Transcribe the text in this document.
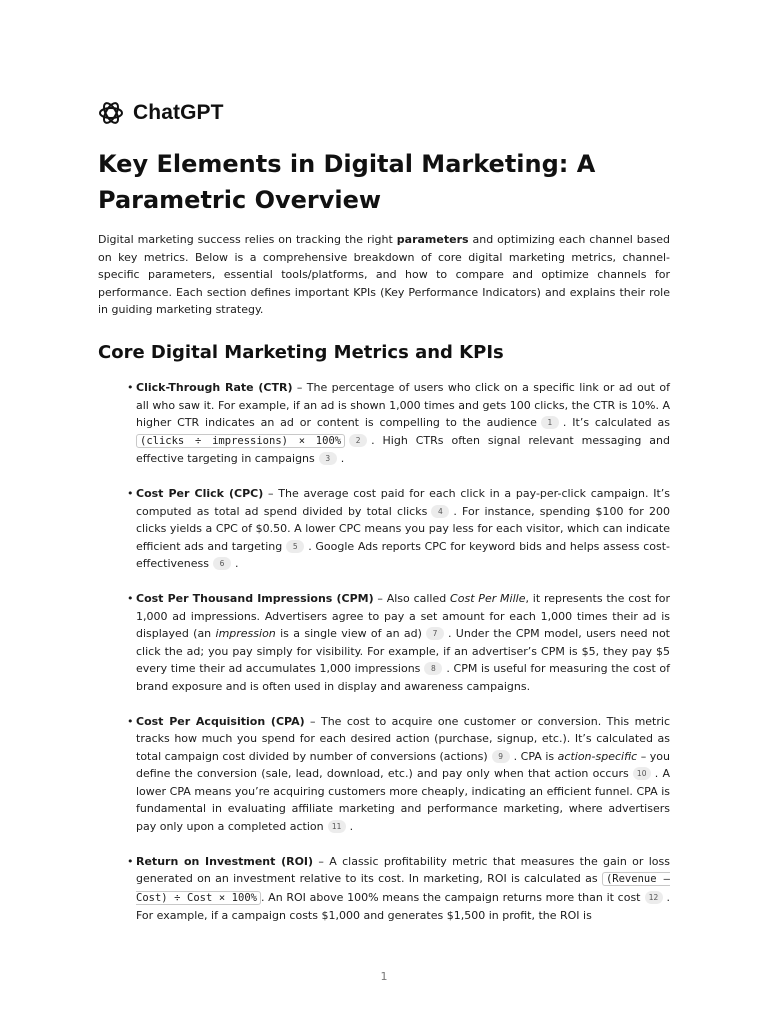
ChatGPT
Key Elements in Digital Marketing: A Parametric Overview

Digital marketing success relies on tracking the right parameters and optimizing each channel based on key metrics. Below is a comprehensive breakdown of core digital marketing metrics, channel-specific parameters, essential tools/platforms, and how to compare and optimize channels for performance. Each section defines important KPIs (Key Performance Indicators) and explains their role in guiding marketing strategy.

Core Digital Marketing Metrics and KPIs
• Click-Through Rate (CTR) – The percentage of users who click on a specific link or ad out of all who saw it. For example, if an ad is shown 1,000 times and gets 100 clicks, the CTR is 10%. A higher CTR indicates an ad or content is compelling to the audience 1 . It’s calculated as (clicks ÷ impressions) × 100% 2 . High CTRs often signal relevant messaging and effective targeting in campaigns 3 .
• Cost Per Click (CPC) – The average cost paid for each click in a pay-per-click campaign. It’s computed as total ad spend divided by total clicks 4 . For instance, spending $100 for 200 clicks yields a CPC of $0.50. A lower CPC means you pay less for each visitor, which can indicate efficient ads and targeting 5 . Google Ads reports CPC for keyword bids and helps assess cost-effectiveness 6 .
• Cost Per Thousand Impressions (CPM) – Also called Cost Per Mille, it represents the cost for 1,000 ad impressions. Advertisers agree to pay a set amount for each 1,000 times their ad is displayed (an impression is a single view of an ad) 7 . Under the CPM model, users need not click the ad; you pay simply for visibility. For example, if an advertiser’s CPM is $5, they pay $5 every time their ad accumulates 1,000 impressions 8 . CPM is useful for measuring the cost of brand exposure and is often used in display and awareness campaigns.
• Cost Per Acquisition (CPA) – The cost to acquire one customer or conversion. This metric tracks how much you spend for each desired action (purchase, signup, etc.). It’s calculated as total campaign cost divided by number of conversions (actions) 9 . CPA is action-specific – you define the conversion (sale, lead, download, etc.) and pay only when that action occurs 10 . A lower CPA means you’re acquiring customers more cheaply, indicating an efficient funnel. CPA is fundamental in evaluating affiliate marketing and performance marketing, where advertisers pay only upon a completed action 11 .
• Return on Investment (ROI) – A classic profitability metric that measures the gain or loss generated on an investment relative to its cost. In marketing, ROI is calculated as (Revenue – Cost) ÷ Cost × 100% . An ROI above 100% means the campaign returns more than it cost 12 . For example, if a campaign costs $1,000 and generates $1,500 in profit, the ROI is
1
